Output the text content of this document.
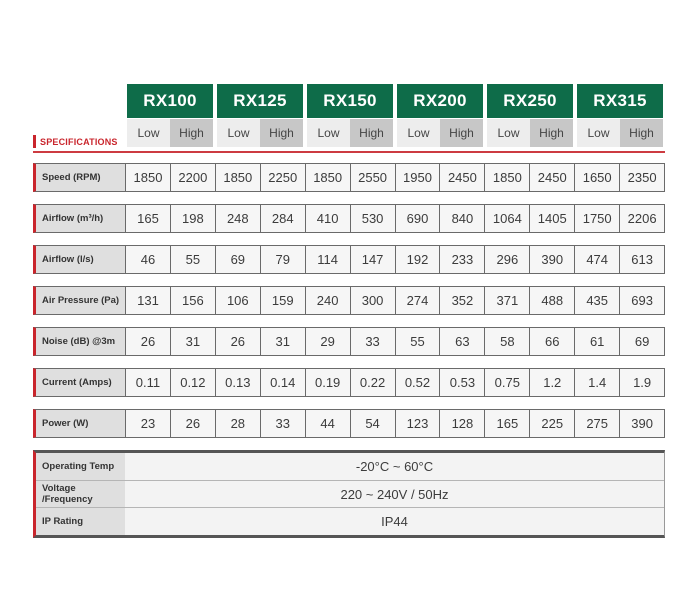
RX100	RX125	RX150	RX200	RX250	RX315
Low	High	Low	High	Low	High	Low	High	Low	High	Low	High
SPECIFICATIONS
Speed (RPM)	1850	2200	1850	2250	1850	2550	1950	2450	1850	2450	1650	2350
Airflow (m³/h)	165	198	248	284	410	530	690	840	1064	1405	1750	2206
Airflow (l/s)	46	55	69	79	114	147	192	233	296	390	474	613
Air Pressure (Pa)	131	156	106	159	240	300	274	352	371	488	435	693
Noise (dB) @3m	26	31	26	31	29	33	55	63	58	66	61	69
Current (Amps)	0.11	0.12	0.13	0.14	0.19	0.22	0.52	0.53	0.75	1.2	1.4	1.9
Power (W)	23	26	28	33	44	54	123	128	165	225	275	390
Operating Temp	-20°C ~ 60°C
Voltage /Frequency	220 ~ 240V / 50Hz
IP Rating	IP44
